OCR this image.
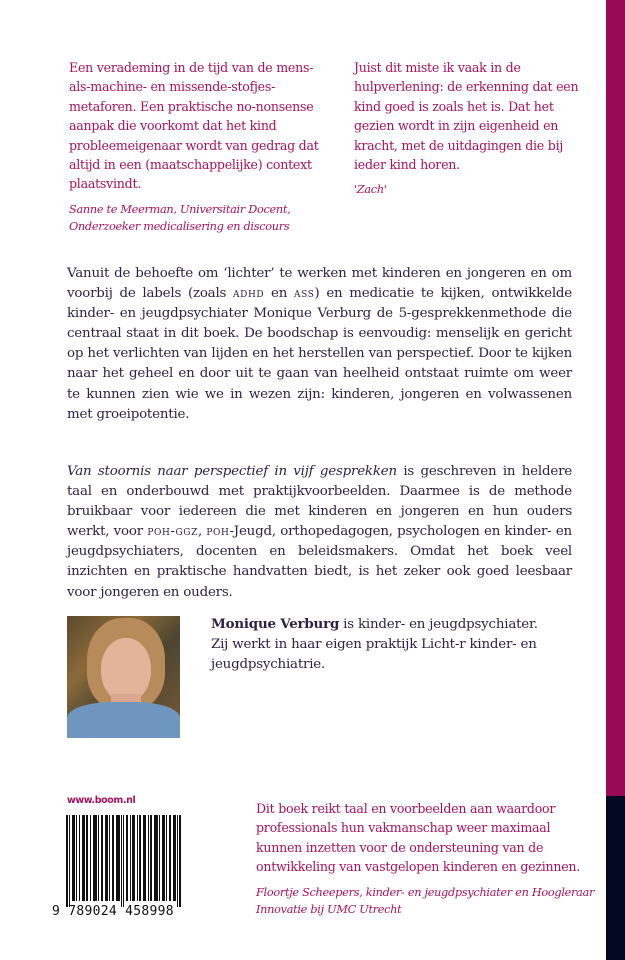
Een verademing in de tijd van de mens-als-machine- en missende-stofjes-metaforen. Een praktische no-nonsense aanpak die voorkomt dat het kind probleemeigenaar wordt van gedrag dat altijd in een (maatschappelijke) context plaatsvindt.

Sanne te Meerman, Universitair Docent,
Onderzoeker medicalisering en discours

Juist dit miste ik vaak in de hulpverlening: de erkenning dat een kind goed is zoals het is. Dat het gezien wordt in zijn eigenheid en kracht, met de uitdagingen die bij ieder kind horen.

'Zach'

Vanuit de behoefte om ‘lichter’ te werken met kinderen en jongeren en om voorbij de labels (zoals adhd en ass) en medicatie te kijken, ontwikkelde kinder- en jeugdpsychiater Monique Verburg de 5-gesprekkenmethode die centraal staat in dit boek. De boodschap is eenvoudig: menselijk en gericht op het verlichten van lijden en het herstellen van perspectief. Door te kijken naar het geheel en door uit te gaan van heelheid ontstaat ruimte om weer te kunnen zien wie we in wezen zijn: kinderen, jongeren en volwassenen met groeipotentie.

Van stoornis naar perspectief in vijf gesprekken is geschreven in heldere taal en onderbouwd met praktijkvoorbeelden. Daarmee is de methode bruikbaar voor iedereen die met kinderen en jongeren en hun ouders werkt, voor poh-ggz, poh-Jeugd, orthopedagogen, psychologen en kinder- en jeugdpsychiaters, docenten en beleidsmakers. Omdat het boek veel inzichten en praktische handvatten biedt, is het zeker ook goed leesbaar voor jongeren en ouders.

Monique Verburg is kinder- en jeugdpsychiater. Zij werkt in haar eigen praktijk Licht-r kinder- en jeugdpsychiatrie.
www.boom.nl
9 789024 458998

Dit boek reikt taal en voorbeelden aan waardoor professionals hun vakmanschap weer maximaal kunnen inzetten voor de ondersteuning van de ontwikkeling van vastgelopen kinderen en gezinnen.

Floortje Scheepers, kinder- en jeugdpsychiater en Hoogleraar
Innovatie bij UMC Utrecht
